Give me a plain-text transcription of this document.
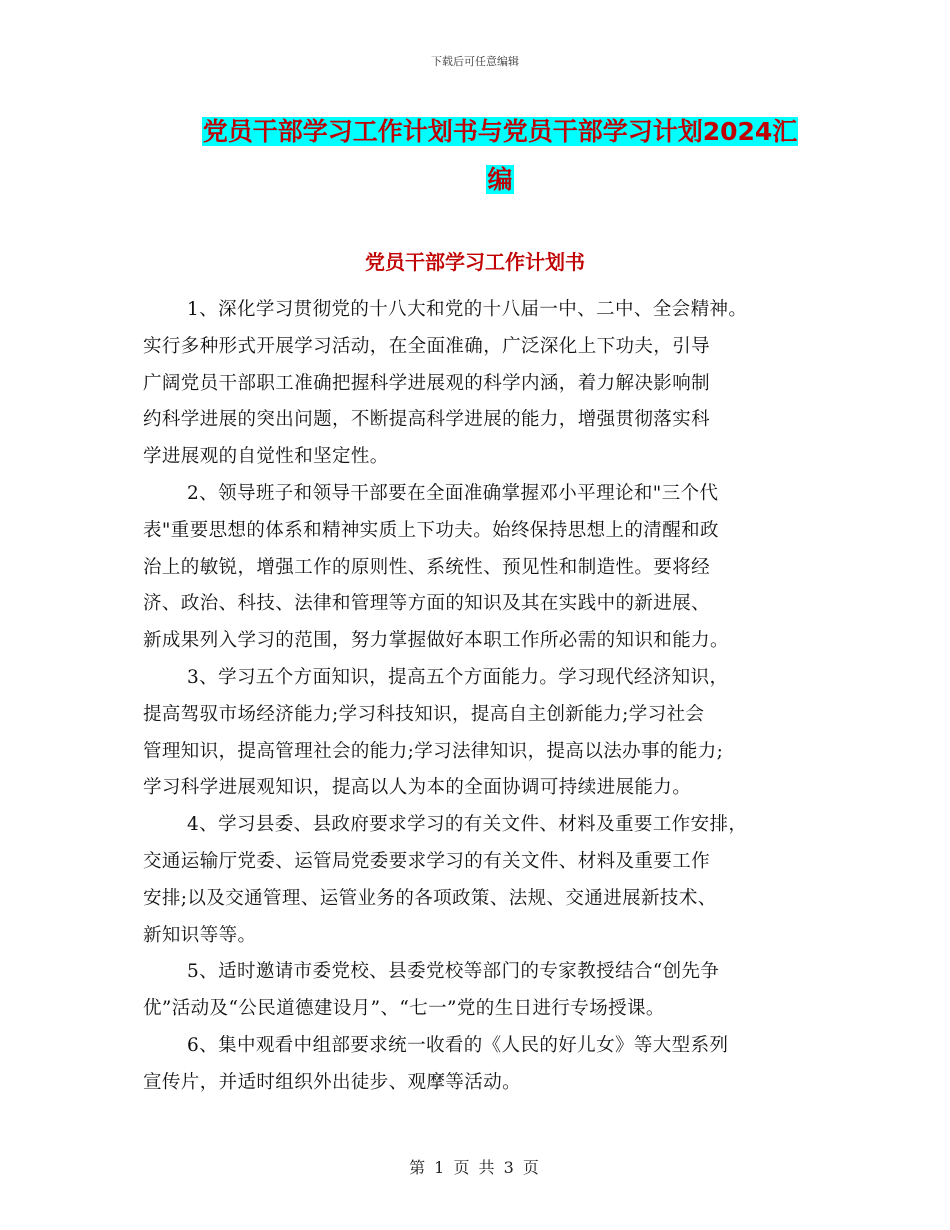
下载后可任意编辑
党员干部学习工作计划书与党员干部学习计划2024汇
编
党员干部学习工作计划书

1、深化学习贯彻党的十八大和党的十八届一中、二中、全会精神。
实行多种形式开展学习活动，在全面准确，广泛深化上下功夫，引导
广阔党员干部职工准确把握科学进展观的科学内涵，着力解决影响制
约科学进展的突出问题，不断提高科学进展的能力，增强贯彻落实科
学进展观的自觉性和坚定性。

2、领导班子和领导干部要在全面准确掌握邓小平理论和"三个代
表"重要思想的体系和精神实质上下功夫。始终保持思想上的清醒和政
治上的敏锐，增强工作的原则性、系统性、预见性和制造性。要将经
济、政治、科技、法律和管理等方面的知识及其在实践中的新进展、
新成果列入学习的范围，努力掌握做好本职工作所必需的知识和能力。

3、学习五个方面知识，提高五个方面能力。学习现代经济知识，
提高驾驭市场经济能力;学习科技知识，提高自主创新能力;学习社会
管理知识，提高管理社会的能力;学习法律知识，提高以法办事的能力;
学习科学进展观知识，提高以人为本的全面协调可持续进展能力。

4、学习县委、县政府要求学习的有关文件、材料及重要工作安排，
交通运输厅党委、运管局党委要求学习的有关文件、材料及重要工作
安排;以及交通管理、运管业务的各项政策、法规、交通进展新技术、
新知识等等。

5、适时邀请市委党校、县委党校等部门的专家教授结合“创先争
优”活动及“公民道德建设月”、“七一”党的生日进行专场授课。

6、集中观看中组部要求统一收看的《人民的好儿女》等大型系列
宣传片，并适时组织外出徒步、观摩等活动。

第 1 页 共 3 页
